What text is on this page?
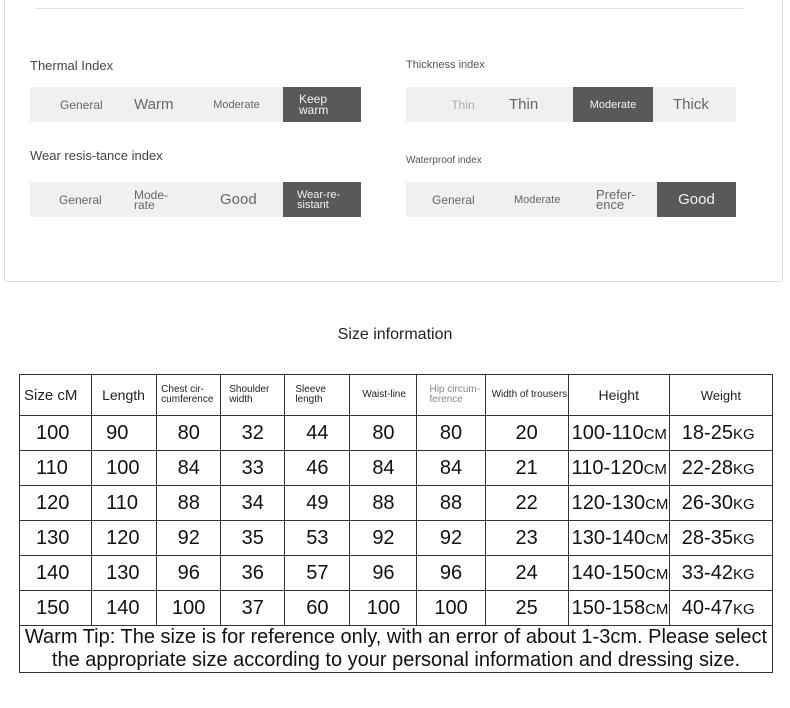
Thermal Index
General	Warm	Moderate	Keep warm
Thickness index
Thin	Thin	Moderate	Thick
Wear resis-tance index
General	Mode-rate	Good	Wear-re-sistant
Waterproof index
General	Moderate	Prefer-ence	Good
Size information
Size cM	Length	Chest cir-cumference	Shoulder width	Sleeve length	Waist-line	Hip circum-ference	Width of trousers	Height	Weight
100	90	80	32	44	80	80	20	100-110CM	18-25KG
110	100	84	33	46	84	84	21	110-120CM	22-28KG
120	110	88	34	49	88	88	22	120-130CM	26-30KG
130	120	92	35	53	92	92	23	130-140CM	28-35KG
140	130	96	36	57	96	96	24	140-150CM	33-42KG
150	140	100	37	60	100	100	25	150-158CM	40-47KG
Warm Tip: The size is for reference only, with an error of about 1-3cm. Please select the appropriate size according to your personal information and dressing size.									
